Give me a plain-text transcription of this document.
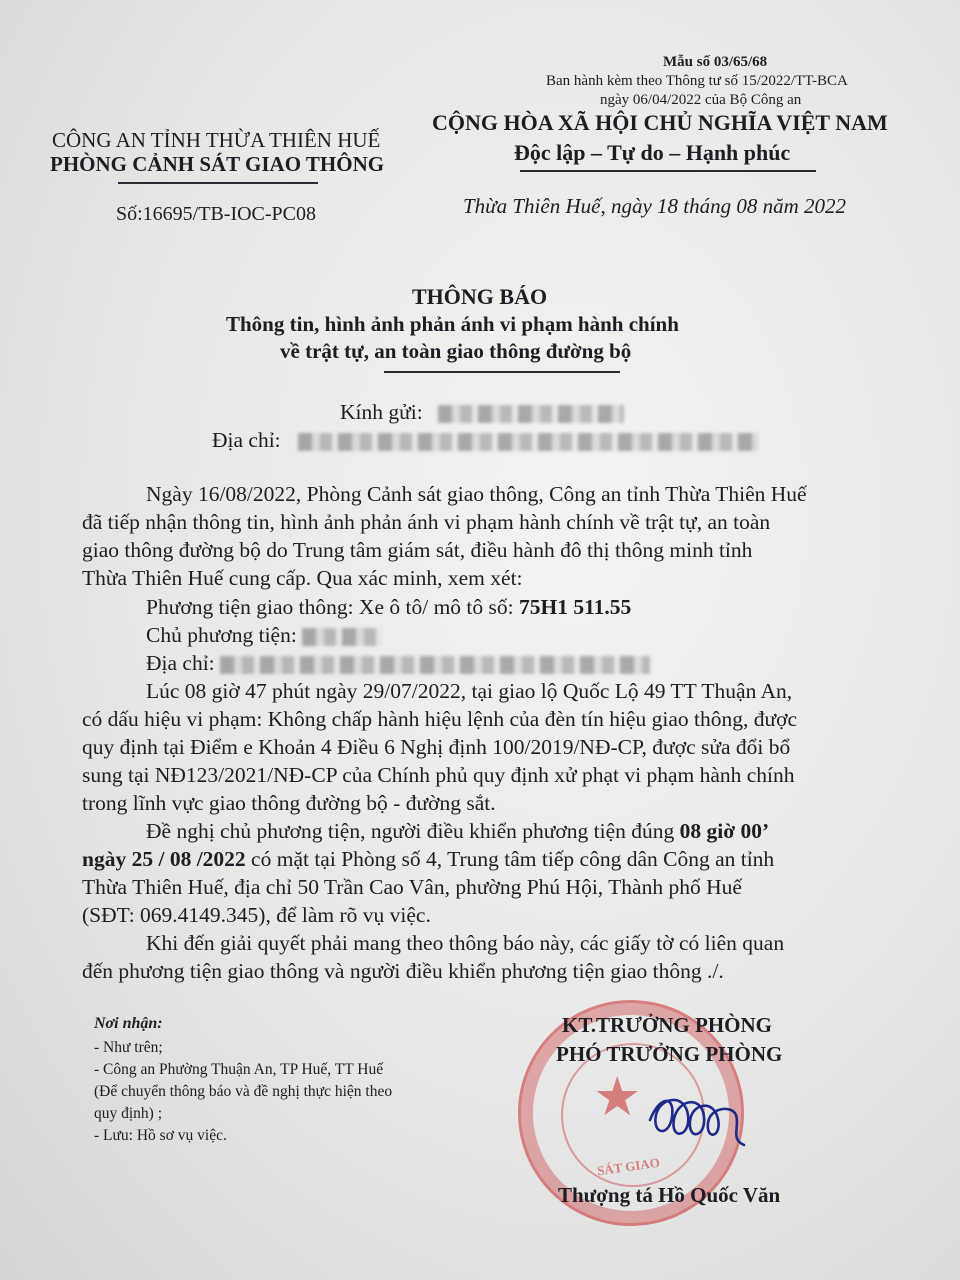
Mẫu số 03/65/68
Ban hành kèm theo Thông tư số 15/2022/TT-BCA
ngày 06/04/2022 của Bộ Công an
CÔNG AN TỈNH THỪA THIÊN HUẾ
PHÒNG CẢNH SÁT GIAO THÔNG
Số:16695/TB-IOC-PC08
CỘNG HÒA XÃ HỘI CHỦ NGHĨA VIỆT NAM
Độc lập – Tự do – Hạnh phúc
Thừa Thiên Huế, ngày 18 tháng 08 năm 2022
THÔNG BÁO
Thông tin, hình ảnh phản ánh vi phạm hành chính
về trật tự, an toàn giao thông đường bộ
Kính gửi:
Địa chỉ:
Ngày 16/08/2022, Phòng Cảnh sát giao thông, Công an tỉnh Thừa Thiên Huế
đã tiếp nhận thông tin, hình ảnh phản ánh vi phạm hành chính về trật tự, an toàn
giao thông đường bộ do Trung tâm giám sát, điều hành đô thị thông minh tỉnh
Thừa Thiên Huế cung cấp. Qua xác minh, xem xét:
Phương tiện giao thông: Xe ô tô/ mô tô số: 75H1 511.55
Chủ phương tiện:
Địa chỉ:
Lúc 08 giờ 47 phút ngày 29/07/2022, tại giao lộ Quốc Lộ 49 TT Thuận An,
có dấu hiệu vi phạm: Không chấp hành hiệu lệnh của đèn tín hiệu giao thông, được
quy định tại Điểm e Khoản 4 Điều 6 Nghị định 100/2019/NĐ-CP, được sửa đổi bổ
sung tại NĐ123/2021/NĐ-CP của Chính phủ quy định xử phạt vi phạm hành chính
trong lĩnh vực giao thông đường bộ - đường sắt.
Đề nghị chủ phương tiện, người điều khiển phương tiện đúng 08 giờ 00’
ngày 25 / 08 /2022 có mặt tại Phòng số 4, Trung tâm tiếp công dân Công an tỉnh
Thừa Thiên Huế, địa chỉ 50 Trần Cao Vân, phường Phú Hội, Thành phố Huế
(SĐT: 069.4149.345), để làm rõ vụ việc.
Khi đến giải quyết phải mang theo thông báo này, các giấy tờ có liên quan
đến phương tiện giao thông và người điều khiển phương tiện giao thông ./.
Nơi nhận:
- Như trên;
- Công an Phường Thuận An, TP Huế, TT Huế
(Để chuyển thông báo và đề nghị thực hiện theo
quy định) ;
- Lưu: Hồ sơ vụ việc.
★
SÁT GIAO
KT.TRƯỞNG PHÒNG
PHÓ TRƯỞNG PHÒNG
Thượng tá Hồ Quốc Văn
